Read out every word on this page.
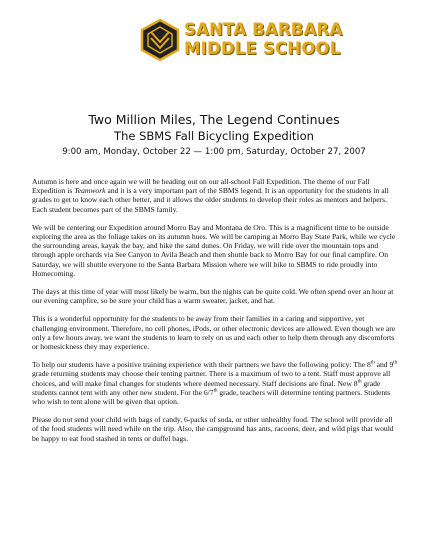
SANTA BARBARA
MIDDLE SCHOOL
Two Million Miles, The Legend Continues
The SBMS Fall Bicycling Expedition
9:00 am, Monday, October 22 — 1:00 pm, Saturday, October 27, 2007

Autumn is here and once again we will be heading out on our all-school Fall Expedition. The theme of our Fall Expedition is Teamwork and it is a very important part of the SBMS legend. It is an opportunity for the students in all grades to get to know each other better, and it allows the older students to develop their roles as mentors and helpers. Each student becomes part of the SBMS family.

We will be centering our Expedition around Morro Bay and Montana de Oro. This is a magnificent time to be outside exploring the area as the foliage takes on its autumn hues. We will be camping at Morro Bay State Park, while we cycle the surrounding areas, kayak the bay, and hike the sand dunes. On Friday, we will ride over the mountain tops and through apple orchards via See Canyon to Avila Beach and then shuttle back to Morro Bay for our final campfire. On Saturday, we will shuttle everyone to the Santa Barbara Mission where we will bike to SBMS to ride proudly into Homecoming.

The days at this time of year will most likely be warm, but the nights can be quite cold. We often spend over an hour at our evening campfire, so be sure your child has a warm sweater, jacket, and hat.

This is a wonderful opportunity for the students to be away from their families in a caring and supportive, yet challenging environment. Therefore, no cell phones, iPods, or other electronic devices are allowed. Even though we are only a few hours away, we want the students to learn to rely on us and each other to help them through any discomforts or homesickness they may experience.

To help our students have a positive training experience with their partners we have the following policy: The 8th and 9th grade returning students may choose their tenting partner. There is a maximum of two to a tent. Staff must approve all choices, and will make final changes for students where deemed necessary. Staff decisions are final. New 8th grade students cannot tent with any other new student. For the 6/7th grade, teachers will determine tenting partners. Students who wish to tent alone will be given that option.

Please do not send your child with bags of candy, 6-packs of soda, or other unhealthy food. The school will provide all of the food students will need while on the trip. Also, the campground has ants, racoons, deer, and wild pigs that would be happy to eat food stashed in tents or duffel bags.
